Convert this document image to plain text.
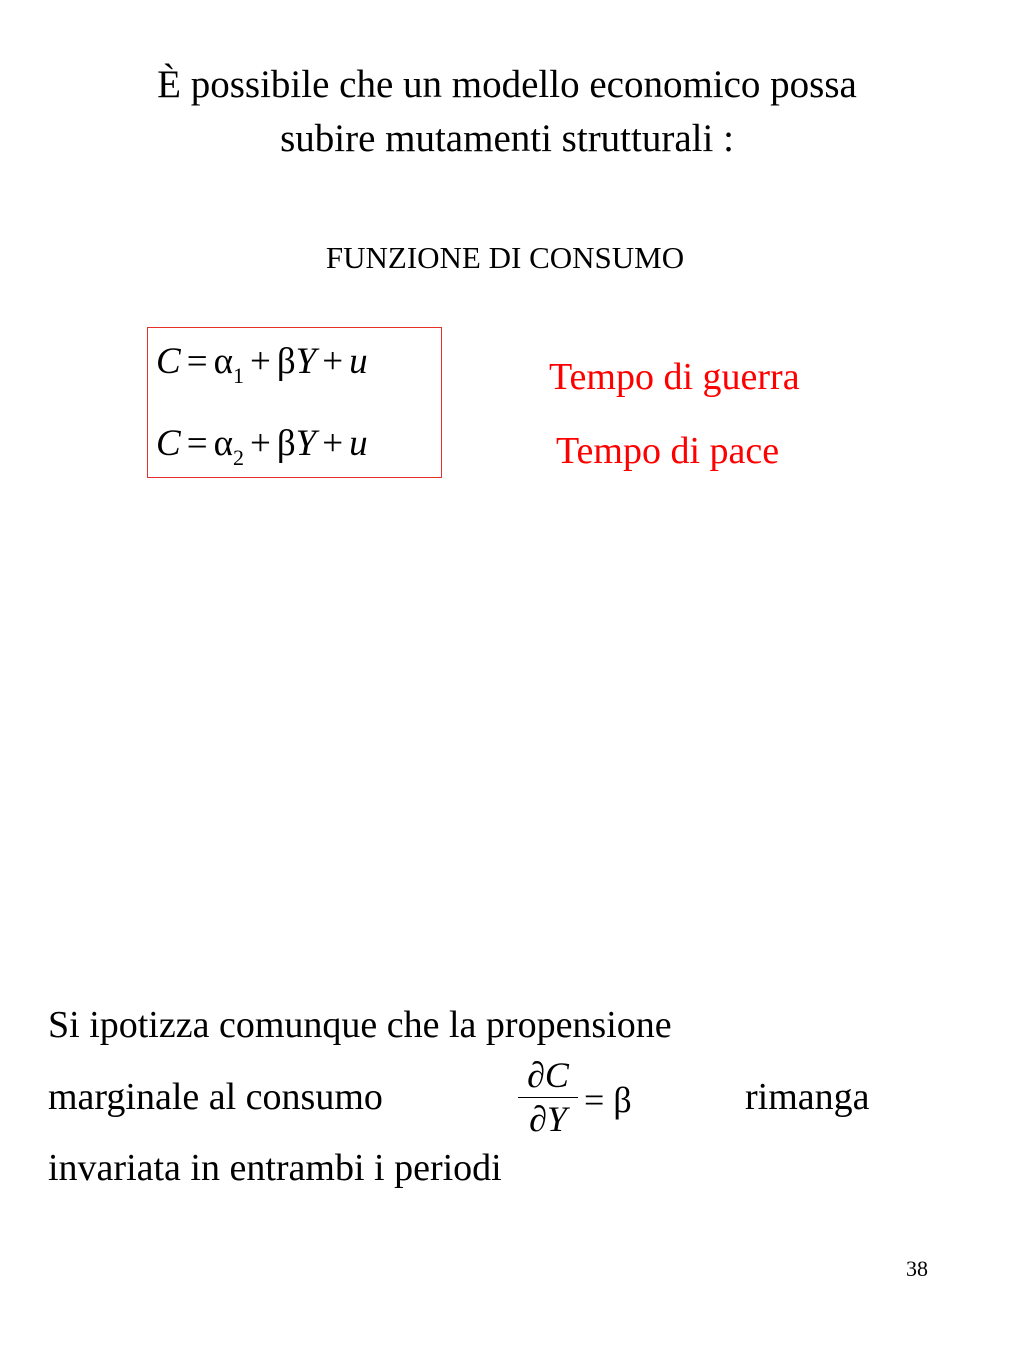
È possibile che un modello economico possa
subire mutamenti strutturali :
FUNZIONE DI CONSUMO
$C = \alpha_1 + \beta Y + u$
$C = \alpha_2 + \beta Y + u$
Tempo di guerra
Tempo di pace
Si ipotizza comunque che la propensione
marginale al consumo
∂C
∂Y = β	rimanga
invariata in entrambi i periodi
38
